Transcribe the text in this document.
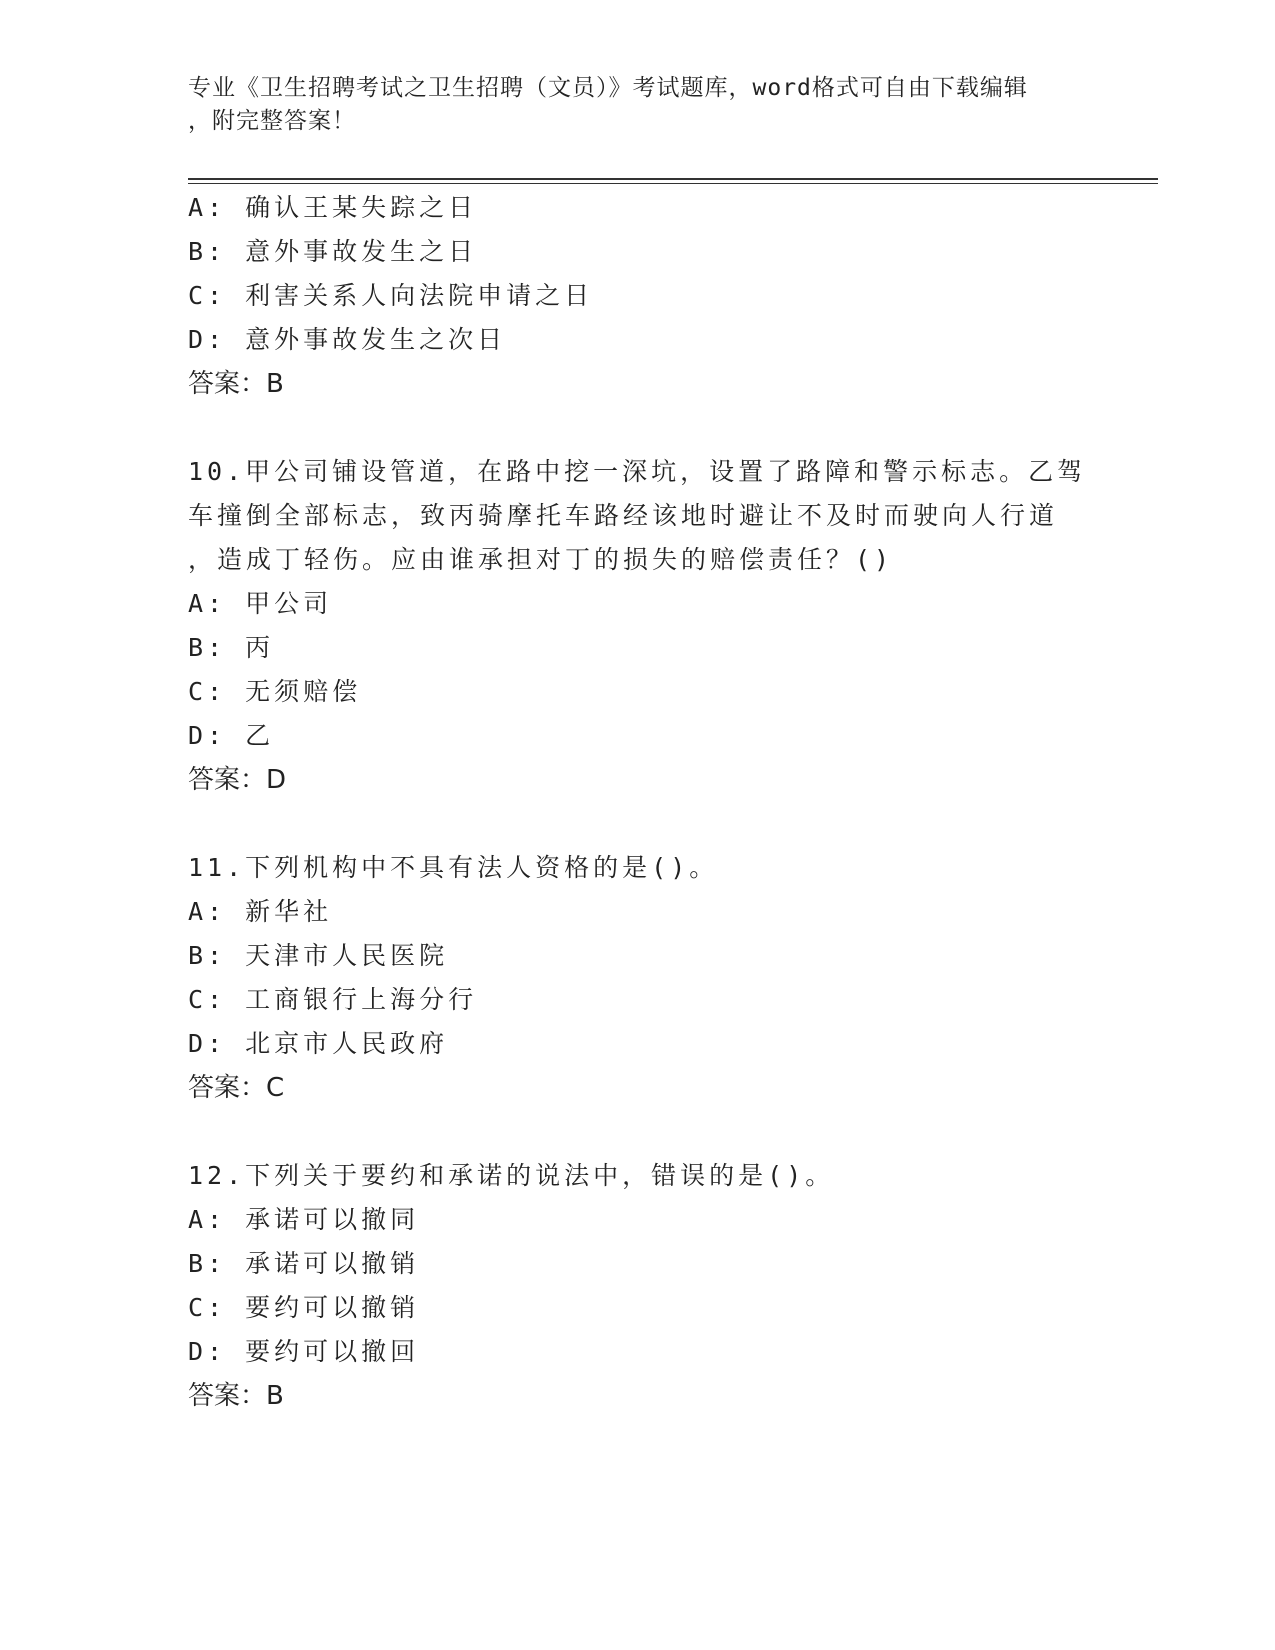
专业《卫生招聘考试之卫生招聘（文员）》考试题库，word格式可自由下载编辑
，附完整答案！
A: 确认王某失踪之日
B: 意外事故发生之日
C: 利害关系人向法院申请之日
D: 意外事故发生之次日
答案：B
10.甲公司铺设管道，在路中挖一深坑，设置了路障和警示标志。乙驾
车撞倒全部标志，致丙骑摩托车路经该地时避让不及时而驶向人行道
，造成丁轻伤。应由谁承担对丁的损失的赔偿责任？()
A: 甲公司
B: 丙
C: 无须赔偿
D: 乙
答案：D
11.下列机构中不具有法人资格的是()。
A: 新华社
B: 天津市人民医院
C: 工商银行上海分行
D: 北京市人民政府
答案：C
12.下列关于要约和承诺的说法中，错误的是()。
A: 承诺可以撤同
B: 承诺可以撤销
C: 要约可以撤销
D: 要约可以撤回
答案：B
